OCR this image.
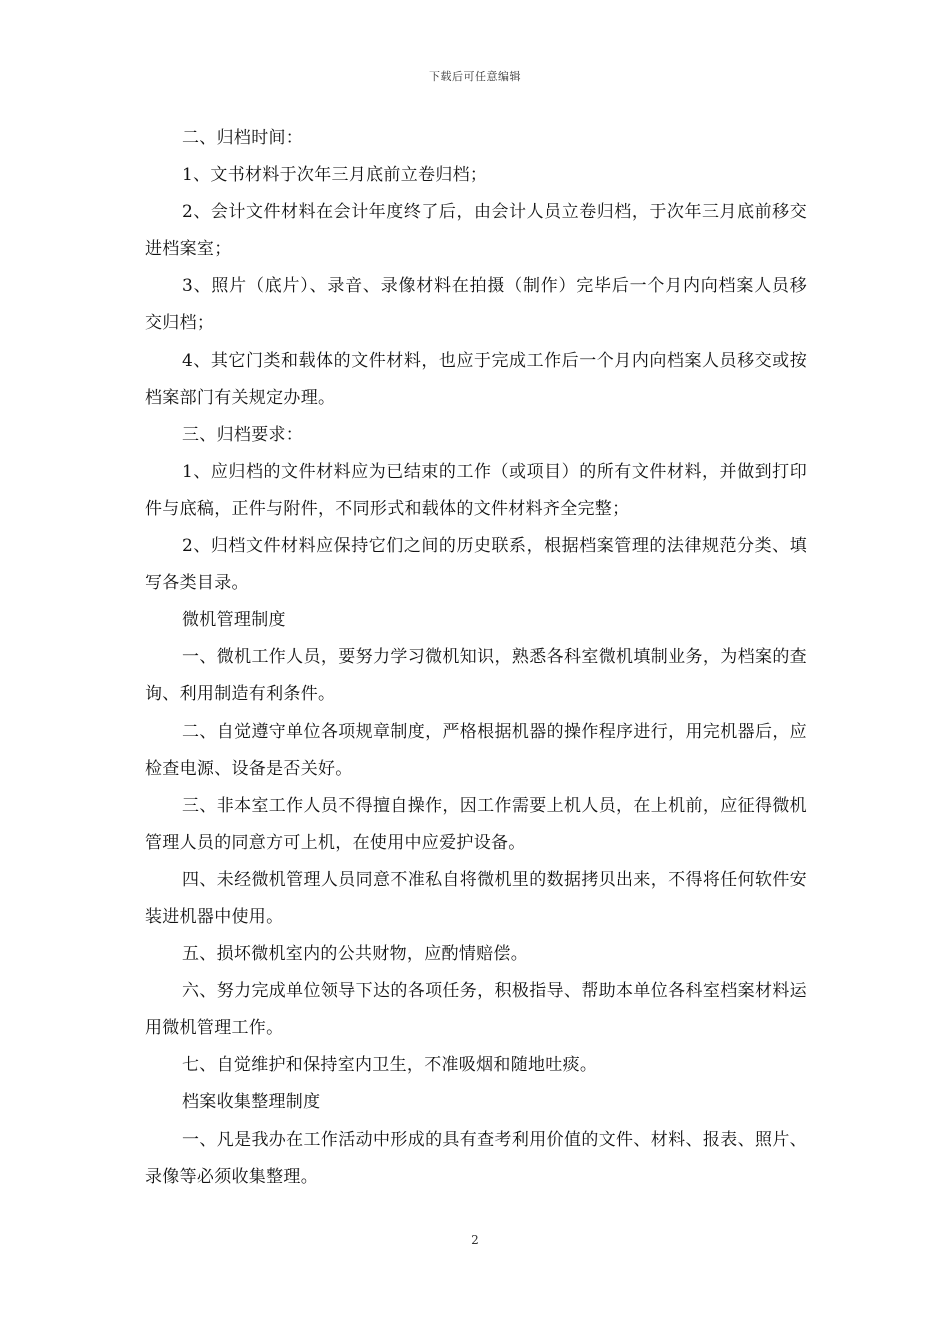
下载后可任意编辑

二、归档时间：

1、文书材料于次年三月底前立卷归档；

2、会计文件材料在会计年度终了后，由会计人员立卷归档，于次年三月底前移交进档案室；

3、照片（底片）、录音、录像材料在拍摄（制作）完毕后一个月内向档案人员移交归档；

4、其它门类和载体的文件材料，也应于完成工作后一个月内向档案人员移交或按档案部门有关规定办理。

三、归档要求：

1、应归档的文件材料应为已结束的工作（或项目）的所有文件材料，并做到打印件与底稿，正件与附件，不同形式和载体的文件材料齐全完整；

2、归档文件材料应保持它们之间的历史联系，根据档案管理的法律规范分类、填写各类目录。

微机管理制度

一、微机工作人员，要努力学习微机知识，熟悉各科室微机填制业务，为档案的查询、利用制造有利条件。

二、自觉遵守单位各项规章制度，严格根据机器的操作程序进行，用完机器后，应检查电源、设备是否关好。

三、非本室工作人员不得擅自操作，因工作需要上机人员，在上机前，应征得微机管理人员的同意方可上机，在使用中应爱护设备。

四、未经微机管理人员同意不准私自将微机里的数据拷贝出来，不得将任何软件安装进机器中使用。

五、损坏微机室内的公共财物，应酌情赔偿。

六、努力完成单位领导下达的各项任务，积极指导、帮助本单位各科室档案材料运用微机管理工作。

七、自觉维护和保持室内卫生，不准吸烟和随地吐痰。

档案收集整理制度

一、凡是我办在工作活动中形成的具有查考利用价值的文件、材料、报表、照片、录像等必须收集整理。

2
